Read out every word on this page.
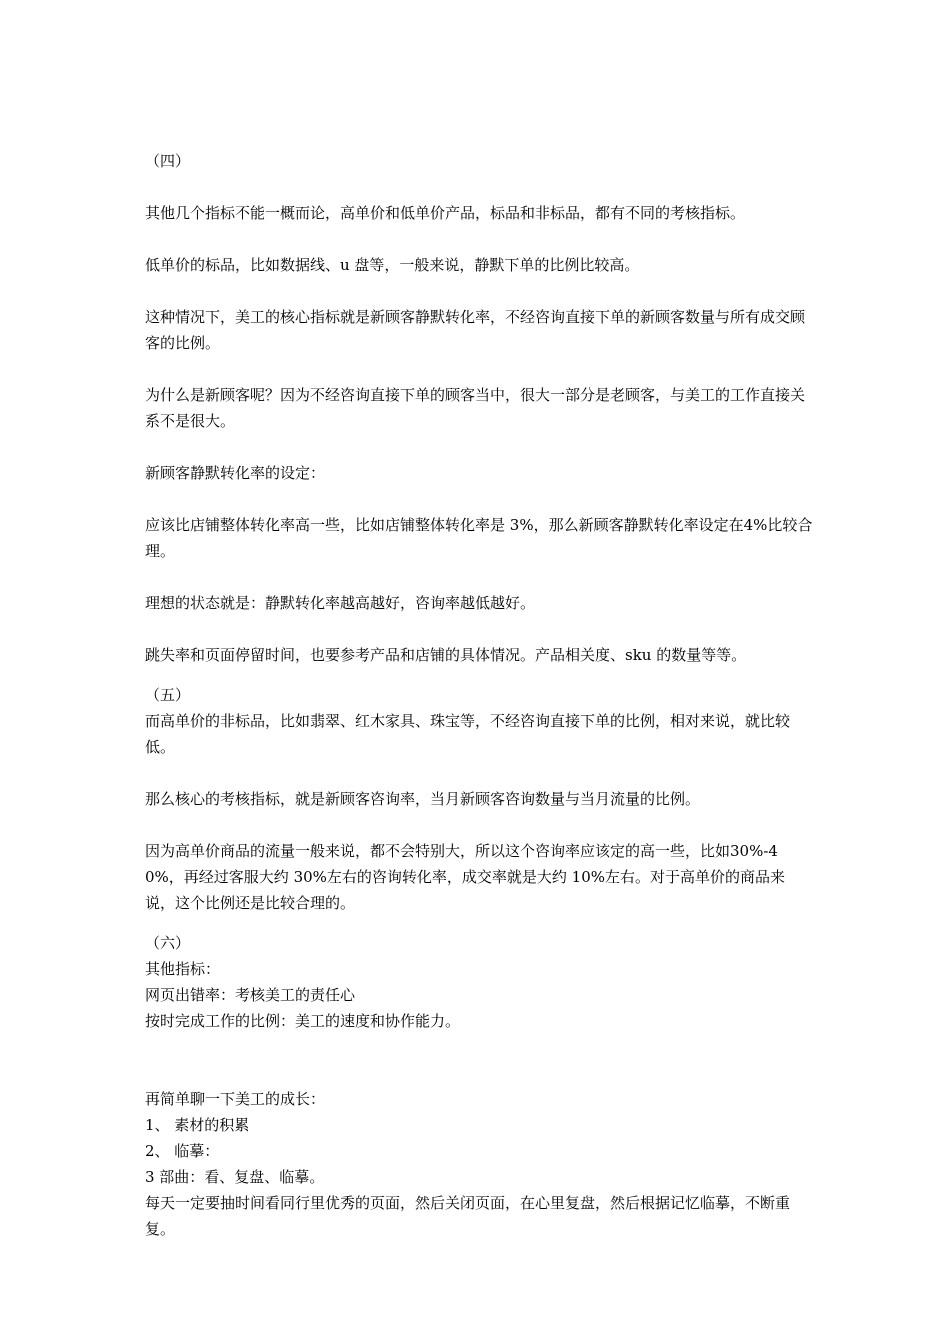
（四）

其他几个指标不能一概而论，高单价和低单价产品，标品和非标品，都有不同的考核指标。

低单价的标品，比如数据线、u 盘等，一般来说，静默下单的比例比较高。

这种情况下，美工的核心指标就是新顾客静默转化率，不经咨询直接下单的新顾客数量与所有成交顾客的比例。

为什么是新顾客呢？因为不经咨询直接下单的顾客当中，很大一部分是老顾客，与美工的工作直接关系不是很大。

新顾客静默转化率的设定：

应该比店铺整体转化率高一些，比如店铺整体转化率是 3%，那么新顾客静默转化率设定在4%比较合理。

理想的状态就是：静默转化率越高越好，咨询率越低越好。

跳失率和页面停留时间，也要参考产品和店铺的具体情况。产品相关度、sku 的数量等等。

（五）

而高单价的非标品，比如翡翠、红木家具、珠宝等，不经咨询直接下单的比例，相对来说，就比较低。

那么核心的考核指标，就是新顾客咨询率，当月新顾客咨询数量与当月流量的比例。

因为高单价商品的流量一般来说，都不会特别大，所以这个咨询率应该定的高一些，比如30%-40%，再经过客服大约 30%左右的咨询转化率，成交率就是大约 10%左右。对于高单价的商品来说，这个比例还是比较合理的。

（六）

其他指标：

网页出错率：考核美工的责任心

按时完成工作的比例：美工的速度和协作能力。

再简单聊一下美工的成长：

1、 素材的积累

2、 临摹：

3 部曲：看、复盘、临摹。

每天一定要抽时间看同行里优秀的页面，然后关闭页面，在心里复盘，然后根据记忆临摹，不断重复。
